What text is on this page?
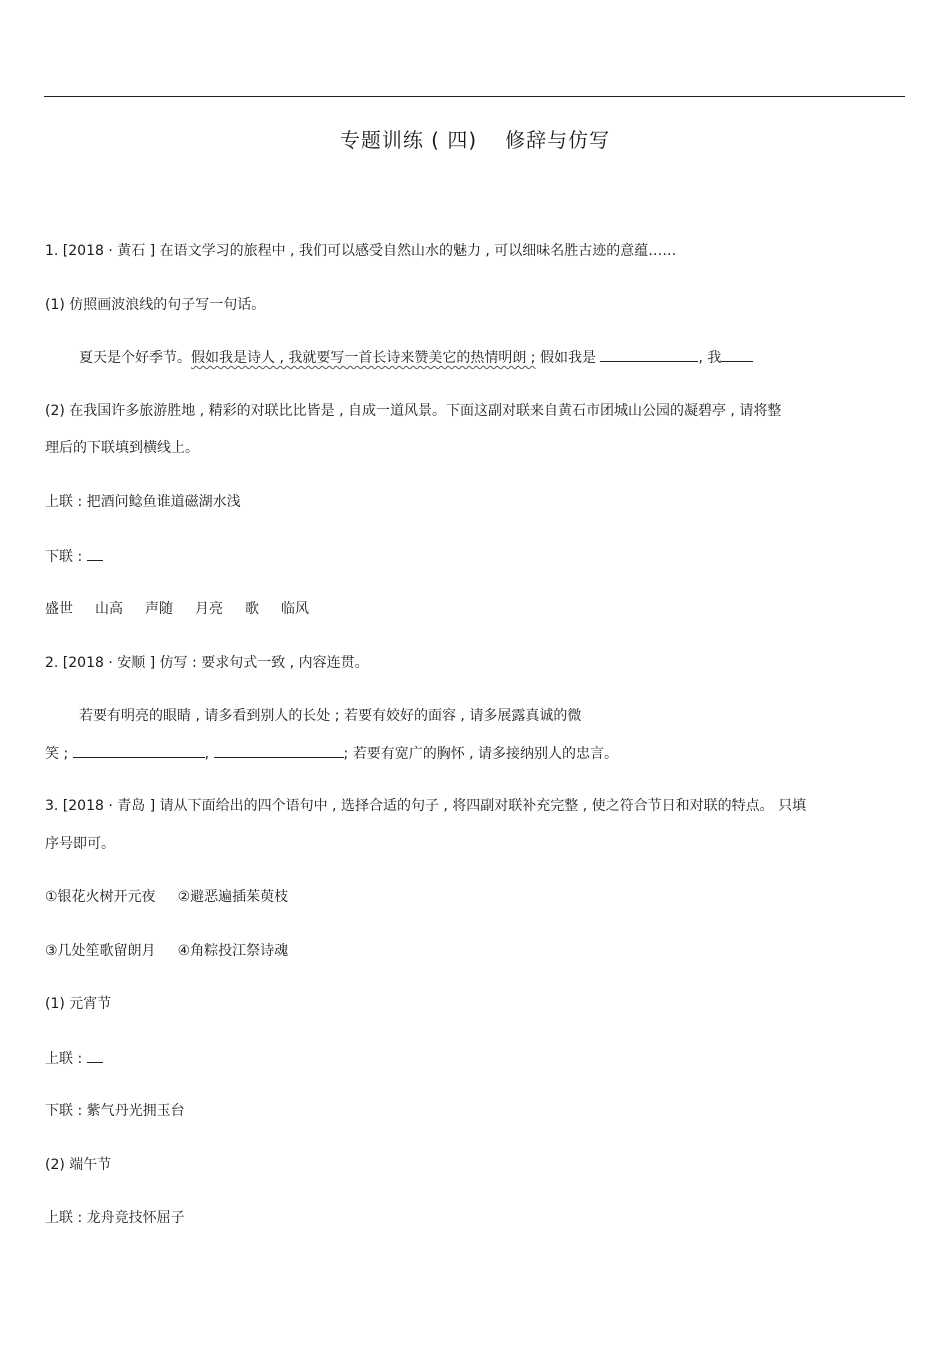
专题训练 ( 四) 修辞与仿写
1. [2018 · 黄石 ] 在语文学习的旅程中 , 我们可以感受自然山水的魅力 , 可以细味名胜古迹的意蕴……
(1) 仿照画波浪线的句子写一句话。
夏天是个好季节。假如我是诗人 , 我就要写一首长诗来赞美它的热情明朗 ; 假如我是	, 我
(2) 在我国许多旅游胜地 , 精彩的对联比比皆是 , 自成一道风景。下面这副对联来自黄石市团城山公园的凝碧亭 , 请将整
理后的下联填到横线上。
上联 : 把酒问鲶鱼谁道磁湖水浅
下联 :
盛世 山高 声随 月亮 歌 临风
2. [2018 · 安顺 ] 仿写 : 要求句式一致 , 内容连贯。
若要有明亮的眼睛 , 请多看到别人的长处 ; 若要有姣好的面容 , 请多展露真诚的微
笑 ;	,	; 若要有宽广的胸怀 , 请多接纳别人的忠言。
3. [2018 · 青岛 ] 请从下面给出的四个语句中 , 选择合适的句子 , 将四副对联补充完整 , 使之符合节日和对联的特点。 只填
序号即可。
①银花火树开元夜 ②避恶遍插茱萸枝
③几处笙歌留朗月 ④角粽投江祭诗魂
(1) 元宵节
上联 :
下联 : 紫气丹光拥玉台
(2) 端午节
上联 : 龙舟竞技怀屈子
